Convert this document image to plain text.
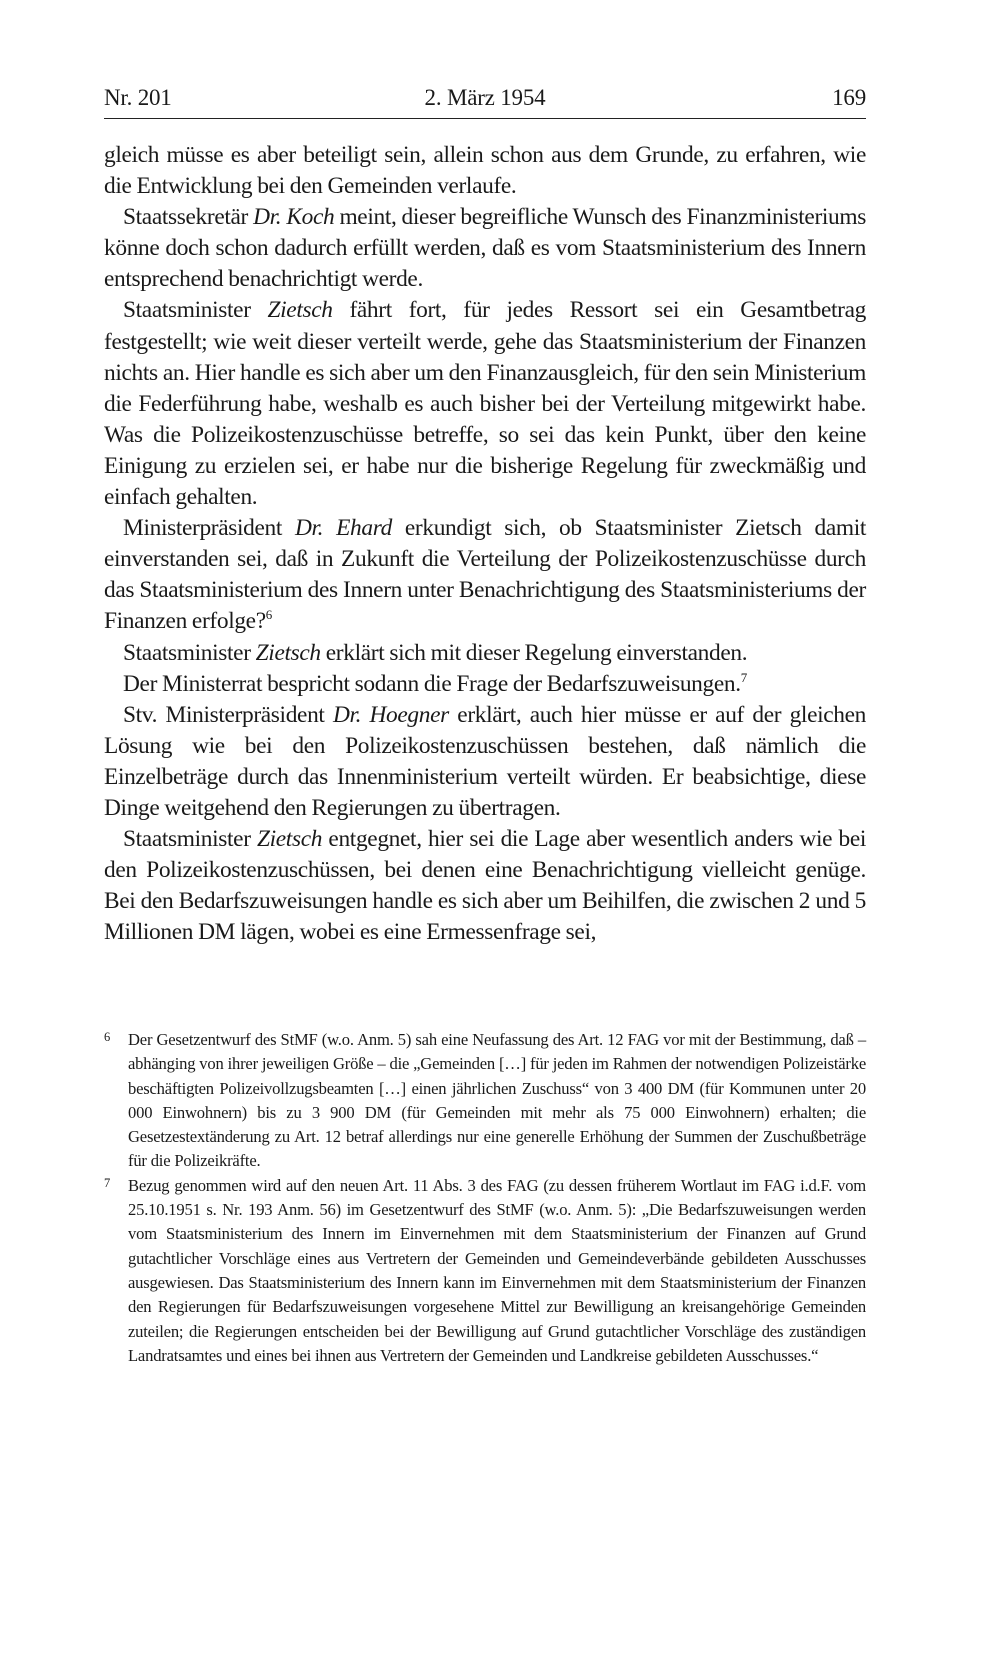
Nr. 201	2. März 1954	169

gleich müsse es aber beteiligt sein, allein schon aus dem Grunde, zu erfahren, wie die Entwicklung bei den Gemeinden verlaufe.

Staatssekretär Dr. Koch meint, dieser begreifliche Wunsch des Finanzministeriums könne doch schon dadurch erfüllt werden, daß es vom Staatsministerium des Innern entsprechend benachrichtigt werde.

Staatsminister Zietsch fährt fort, für jedes Ressort sei ein Gesamtbetrag festgestellt; wie weit dieser verteilt werde, gehe das Staatsministerium der Finanzen nichts an. Hier handle es sich aber um den Finanzausgleich, für den sein Ministerium die Federführung habe, weshalb es auch bisher bei der Verteilung mitgewirkt habe. Was die Polizeikostenzuschüsse betreffe, so sei das kein Punkt, über den keine Einigung zu erzielen sei, er habe nur die bisherige Regelung für zweckmäßig und einfach gehalten.

Ministerpräsident Dr. Ehard erkundigt sich, ob Staatsminister Zietsch damit einverstanden sei, daß in Zukunft die Verteilung der Polizeikostenzuschüsse durch das Staatsministerium des Innern unter Benachrichtigung des Staatsministeriums der Finanzen erfolge?$^6$

Staatsminister Zietsch erklärt sich mit dieser Regelung einverstanden.

Der Ministerrat bespricht sodann die Frage der Bedarfszuweisungen.$^7$

Stv. Ministerpräsident Dr. Hoegner erklärt, auch hier müsse er auf der gleichen Lösung wie bei den Polizeikostenzuschüssen bestehen, daß nämlich die Einzelbeträge durch das Innenministerium verteilt würden. Er beabsichtige, diese Dinge weitgehend den Regierungen zu übertragen.

Staatsminister Zietsch entgegnet, hier sei die Lage aber wesentlich anders wie bei den Polizeikostenzuschüssen, bei denen eine Benachrichtigung vielleicht genüge. Bei den Bedarfszuweisungen handle es sich aber um Beihilfen, die zwischen 2 und 5 Millionen DM lägen, wobei es eine Ermessenfrage sei,

6 Der Gesetzentwurf des StMF (w.o. Anm. 5) sah eine Neufassung des Art. 12 FAG vor mit der Bestimmung, daß – abhänging von ihrer jeweiligen Größe – die „Gemeinden […] für jeden im Rahmen der notwendigen Polizeistärke beschäftigten Polizeivollzugsbeamten […] einen jährlichen Zuschuss“ von 3 400 DM (für Kommunen unter 20 000 Einwohnern) bis zu 3 900 DM (für Gemeinden mit mehr als 75 000 Einwohnern) erhalten; die Gesetzestextänderung zu Art. 12 betraf allerdings nur eine generelle Erhöhung der Summen der Zuschußbeträge für die Polizeikräfte.
7 Bezug genommen wird auf den neuen Art. 11 Abs. 3 des FAG (zu dessen früherem Wortlaut im FAG i.d.F. vom 25.10.1951 s. Nr. 193 Anm. 56) im Gesetzentwurf des StMF (w.o. Anm. 5): „Die Bedarfszuweisungen werden vom Staatsministerium des Innern im Einvernehmen mit dem Staatsministerium der Finanzen auf Grund gutachtlicher Vorschläge eines aus Vertretern der Gemeinden und Gemeindeverbände gebildeten Ausschusses ausgewiesen. Das Staatsministerium des Innern kann im Einvernehmen mit dem Staatsministerium der Finanzen den Regierungen für Bedarfszuweisungen vorgesehene Mittel zur Bewilligung an kreisangehörige Gemeinden zuteilen; die Regierungen entscheiden bei der Bewilligung auf Grund gutachtlicher Vorschläge des zuständigen Landratsamtes und eines bei ihnen aus Vertretern der Gemeinden und Landkreise gebildeten Ausschusses.“
